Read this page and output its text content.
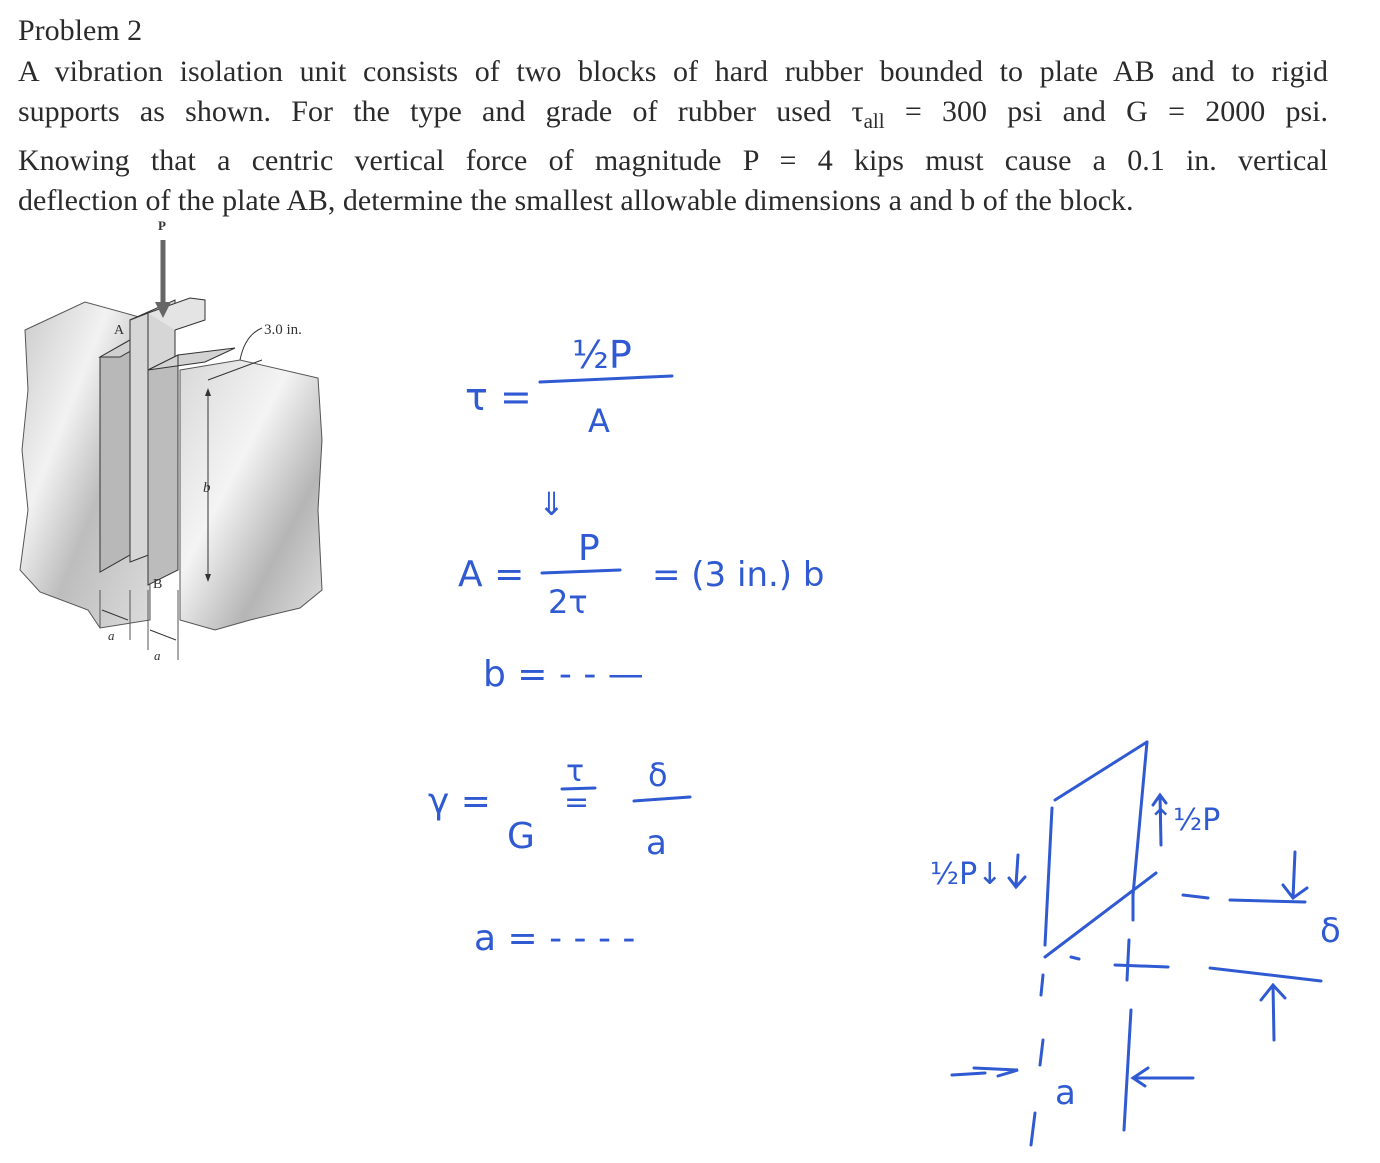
Problem 2
A vibration isolation unit consists of two blocks of hard rubber bounded to plate AB and to rigid
supports as shown. For the type and grade of rubber used $\tau_{all} = 300$ psi and G = 2000 psi.
Knowing that a centric vertical force of magnitude P = 4 kips must cause a 0.1 in. vertical
deflection of the plate AB, determine the smallest allowable dimensions a and b of the block.
P
A
B
3.0 in.
b
a
a
τ =
½P
A
⇓
A =
P
2τ
= (3 in.) b
b = - - —
γ =
τ
G
=
δ
a
a = - - - -
½P↓
↑½P
δ
a
